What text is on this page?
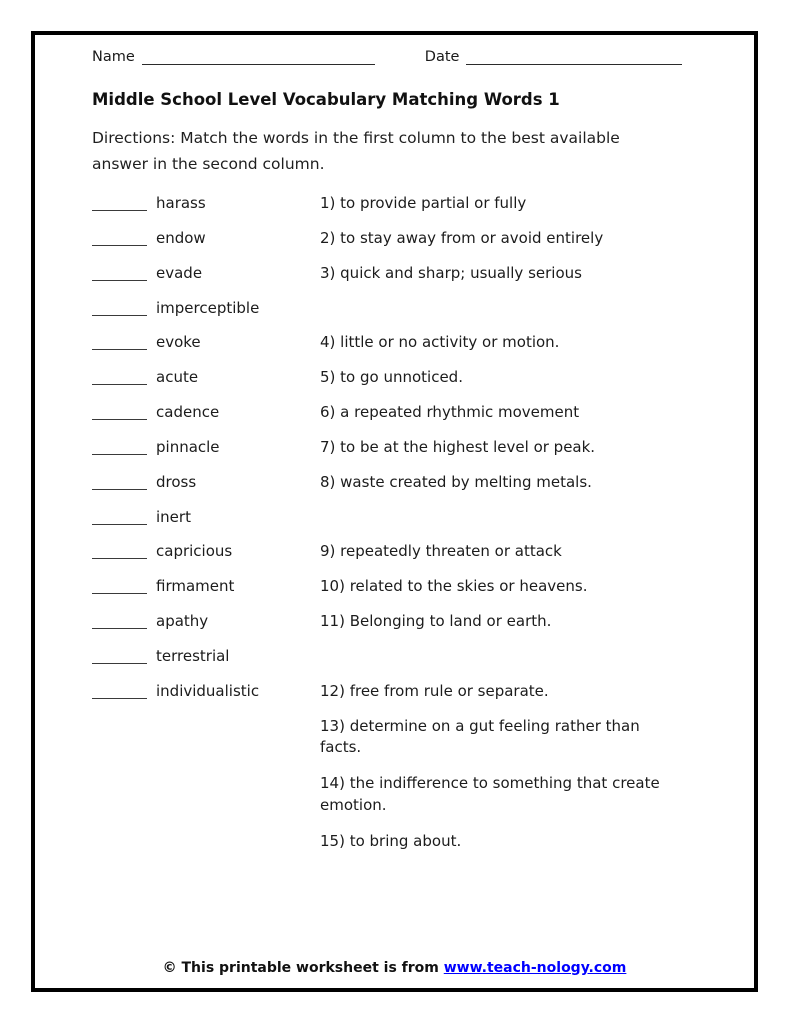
Name	Date
Middle School Level Vocabulary Matching Words 1
Directions: Match the words in the first column to the best available answer in the second column.
harass	1) to provide partial or fully
endow	2) to stay away from or avoid entirely
evade	3) quick and sharp; usually serious
imperceptible
evoke	4) little or no activity or motion.
acute	5) to go unnoticed.
cadence	6) a repeated rhythmic movement
pinnacle	7) to be at the highest level or peak.
dross	8) waste created by melting metals.
inert
capricious	9) repeatedly threaten or attack
firmament	10) related to the skies or heavens.
apathy	11) Belonging to land or earth.
terrestrial
individualistic	12) free from rule or separate.

13) determine on a gut feeling rather than facts.

14) the indifference to something that create emotion.

15) to bring about.

© This printable worksheet is from www.teach-nology.com
